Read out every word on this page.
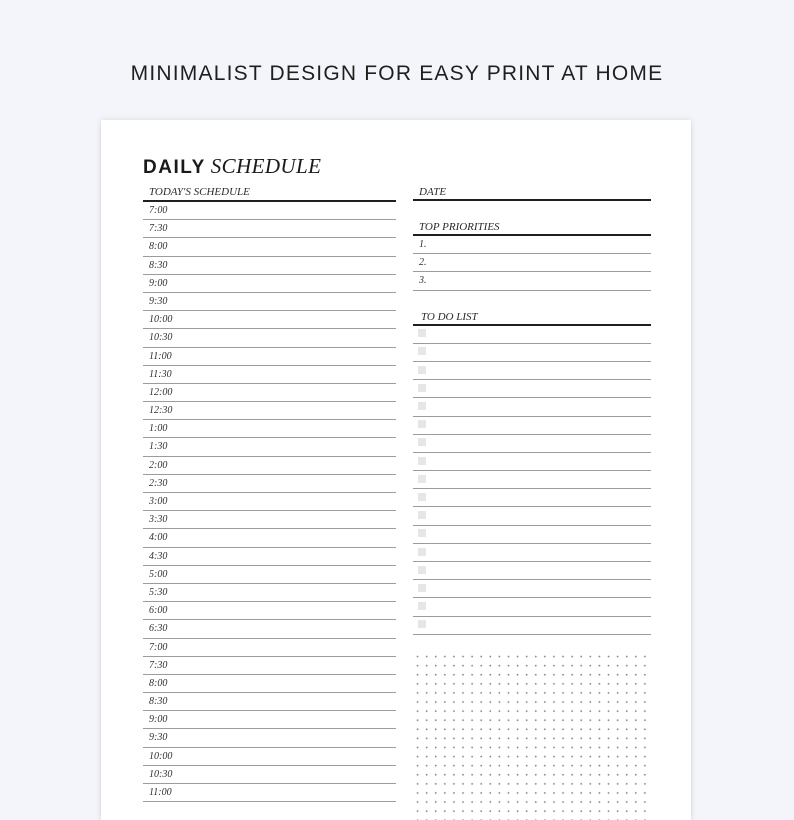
MINIMALIST DESIGN FOR EASY PRINT AT HOME
DAILY SCHEDULE
TODAY'S SCHEDULE
7:00
7:30
8:00
8:30
9:00
9:30
10:00
10:30
11:00
11:30
12:00
12:30
1:00
1:30
2:00
2:30
3:00
3:30
4:00
4:30
5:00
5:30
6:00
6:30
7:00
7:30
8:00
8:30
9:00
9:30
10:00
10:30
11:00
DATE
TOP PRIORITIES
1.
2.
3.
TO DO LIST
